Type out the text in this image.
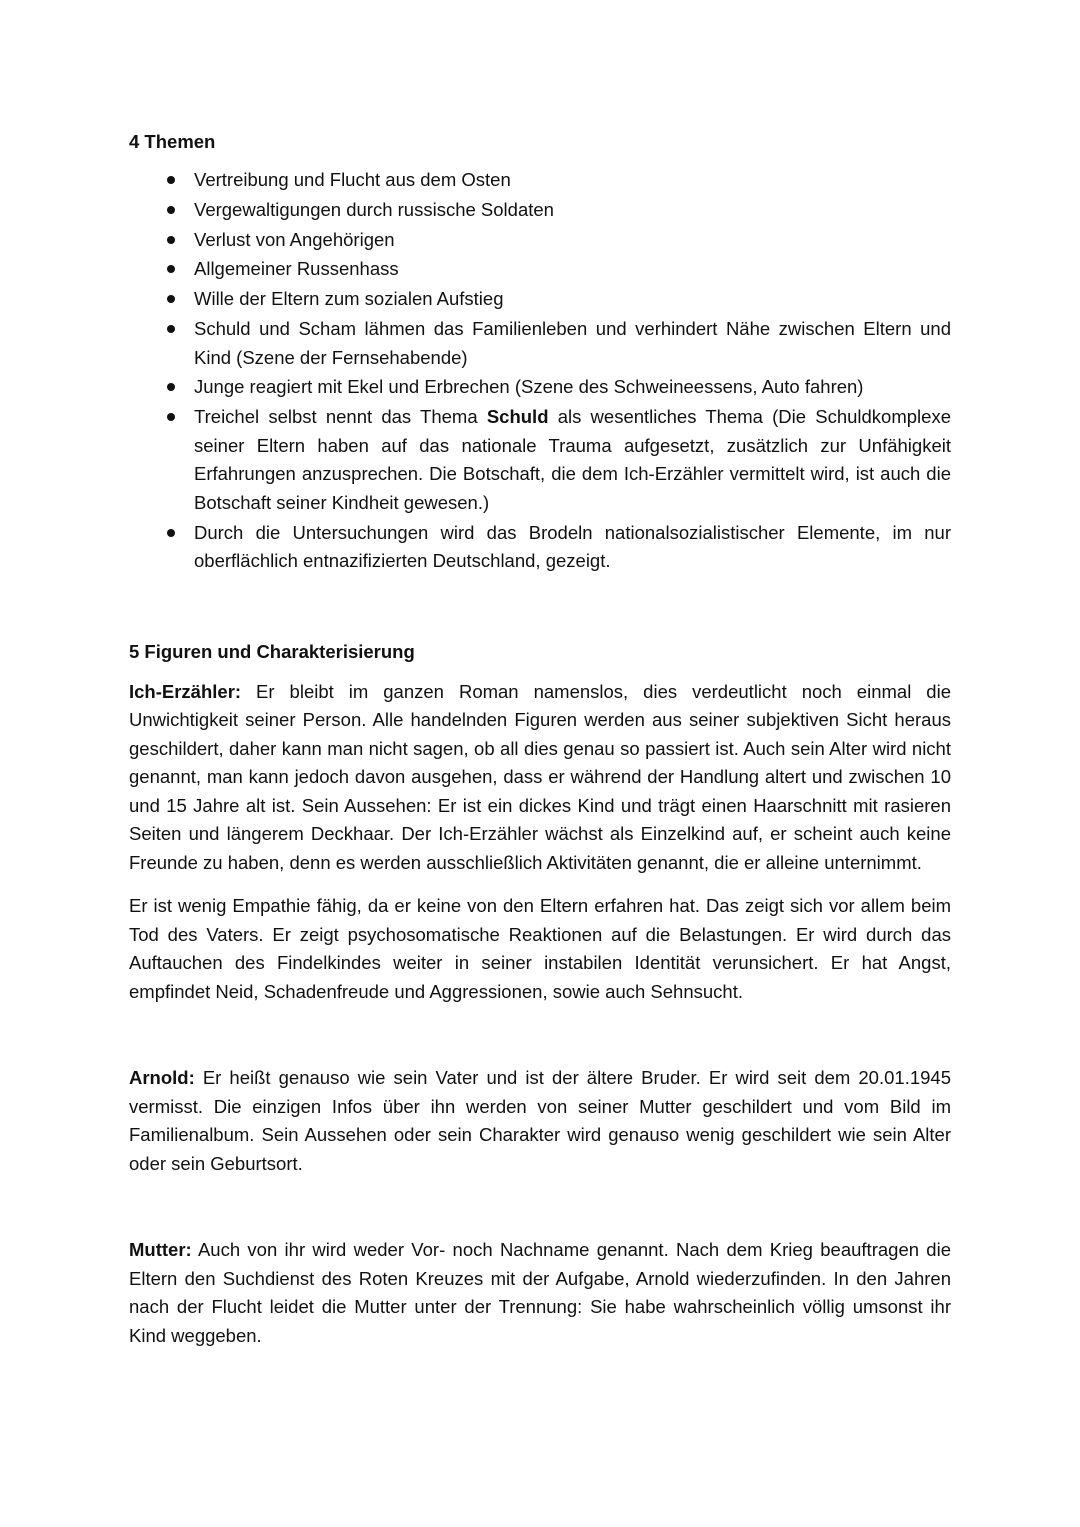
4 Themen

Vertreibung und Flucht aus dem Osten
Vergewaltigungen durch russische Soldaten
Verlust von Angehörigen
Allgemeiner Russenhass
Wille der Eltern zum sozialen Aufstieg
Schuld und Scham lähmen das Familienleben und verhindert Nähe zwischen Eltern und Kind (Szene der Fernsehabende)
Junge reagiert mit Ekel und Erbrechen (Szene des Schweineessens, Auto fahren)
Treichel selbst nennt das Thema Schuld als wesentliches Thema (Die Schuldkomplexe seiner Eltern haben auf das nationale Trauma aufgesetzt, zusätzlich zur Unfähigkeit Erfahrungen anzusprechen. Die Botschaft, die dem Ich-Erzähler vermittelt wird, ist auch die Botschaft seiner Kindheit gewesen.)
Durch die Untersuchungen wird das Brodeln nationalsozialistischer Elemente, im nur oberflächlich entnazifizierten Deutschland, gezeigt.

5 Figuren und Charakterisierung

Ich-Erzähler: Er bleibt im ganzen Roman namenslos, dies verdeutlicht noch einmal die Unwichtigkeit seiner Person. Alle handelnden Figuren werden aus seiner subjektiven Sicht heraus geschildert, daher kann man nicht sagen, ob all dies genau so passiert ist. Auch sein Alter wird nicht genannt, man kann jedoch davon ausgehen, dass er während der Handlung altert und zwischen 10 und 15 Jahre alt ist. Sein Aussehen: Er ist ein dickes Kind und trägt einen Haarschnitt mit rasieren Seiten und längerem Deckhaar. Der Ich-Erzähler wächst als Einzelkind auf, er scheint auch keine Freunde zu haben, denn es werden ausschließlich Aktivitäten genannt, die er alleine unternimmt.

Er ist wenig Empathie fähig, da er keine von den Eltern erfahren hat. Das zeigt sich vor allem beim Tod des Vaters. Er zeigt psychosomatische Reaktionen auf die Belastungen. Er wird durch das Auftauchen des Findelkindes weiter in seiner instabilen Identität verunsichert. Er hat Angst, empfindet Neid, Schadenfreude und Aggressionen, sowie auch Sehnsucht.

Arnold: Er heißt genauso wie sein Vater und ist der ältere Bruder. Er wird seit dem 20.01.1945 vermisst. Die einzigen Infos über ihn werden von seiner Mutter geschildert und vom Bild im Familienalbum. Sein Aussehen oder sein Charakter wird genauso wenig geschildert wie sein Alter oder sein Geburtsort.

Mutter: Auch von ihr wird weder Vor- noch Nachname genannt. Nach dem Krieg beauftragen die Eltern den Suchdienst des Roten Kreuzes mit der Aufgabe, Arnold wiederzufinden. In den Jahren nach der Flucht leidet die Mutter unter der Trennung: Sie habe wahrscheinlich völlig umsonst ihr Kind weggeben.
